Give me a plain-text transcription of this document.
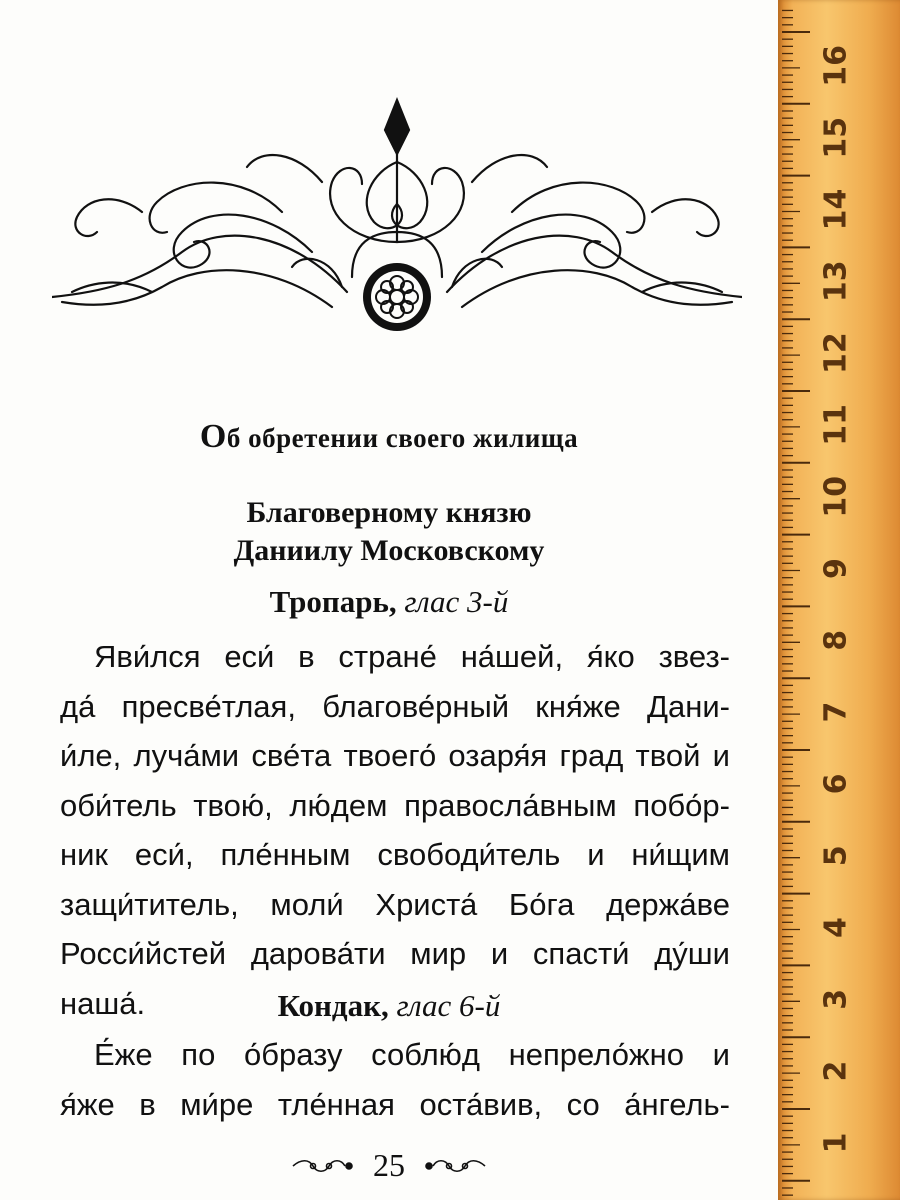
Об обретении своего жилища
Благоверному князю
Даниилу Московскому
Тропарь, глас 3-й
Яви́лся еси́ в стране́ на́шей, я́ко звез-
да́ пресве́тлая, благове́рный кня́же Дани-
и́ле, луча́ми све́та твоего́ озаря́я град твой и
оби́тель твою́, лю́дем правосла́вным побо́р-
ник еси́, пле́нным свободи́тель и ни́щим
защи́титель, моли́ Христа́ Бо́га держа́ве
Росси́йстей дарова́ти мир и спасти́ ду́ши
наша́.	Кондак, глас 6-й
Е́же по о́бразу соблю́д непрело́жно и
я́же в ми́ре тле́нная оста́вив, со а́нгель-
25
16
15
14
13
12
11
10
9
8
7
6
5
4
3
2
1
